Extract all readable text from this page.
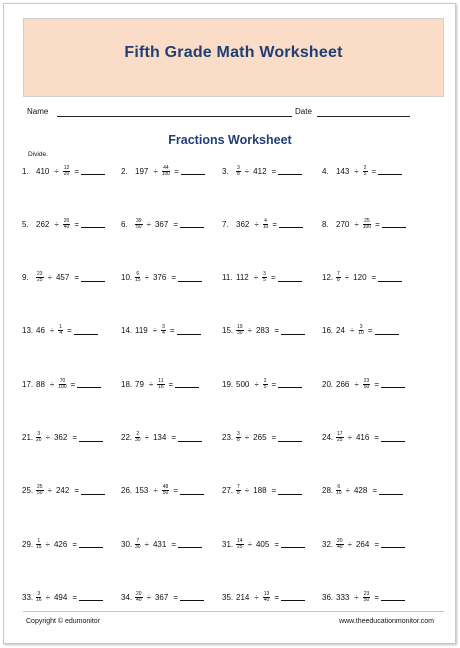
Fifth Grade Math Worksheet
Name	Date
Fractions Worksheet
Divide.
1. $410 \div \frac{12}{20}$ =	2. $197 \div \frac{44}{100}$ =	3.	$\frac{3}{8} \div 412$ =	4. $143 \div \frac{2}{5}$ =
5. $262 \div \frac{20}{40}$ =	6.	$\frac{39}{50} \div 367$ =	7. $362 \div \frac{4}{10}$ =	8. $270 \div \frac{25}{100}$ =
9.	$\frac{23}{25} \div 457$ =	10. $\frac{6}{15} \div 376$ =	11. $112 \div \frac{3}{5}$ =	12. $\frac{7}{8} \div 120$ =
13. $46 \div \frac{1}{4}$ =	14. $119 \div \frac{3}{4}$ =	15. $\frac{19}{30} \div 283$ =	16. $24 \div \frac{3}{10}$ =
17. $88 \div \frac{70}{100}$ =	18. $79 \div \frac{11}{16}$ =	19. $500 \div \frac{2}{5}$ =	20. $266 \div \frac{23}{50}$ =
21. $\frac{3}{20} \div 362$ =	22. $\frac{2}{30} \div 134$ =	23. $\frac{3}{8} \div 265$ =	24. $\frac{17}{25} \div 416$ =
25. $\frac{25}{50} \div 242$ =	26. $153 \div \frac{48}{50}$ =	27. $\frac{7}{8} \div 188$ =	28. $\frac{6}{10} \div 428$ =
29. $\frac{1}{15} \div 426$ =	30. $\frac{7}{30} \div 431$ =	31. $\frac{14}{25} \div 405$ =	32. $\frac{20}{40} \div 264$ =
33. $\frac{3}{16} \div 494$ =	34. $\frac{20}{40} \div 367$ =	35. $214 \div \frac{13}{40}$ =	36. $333 \div \frac{23}{50}$ =
Copyright © edumonitor	www.theeducationmonitor.com
